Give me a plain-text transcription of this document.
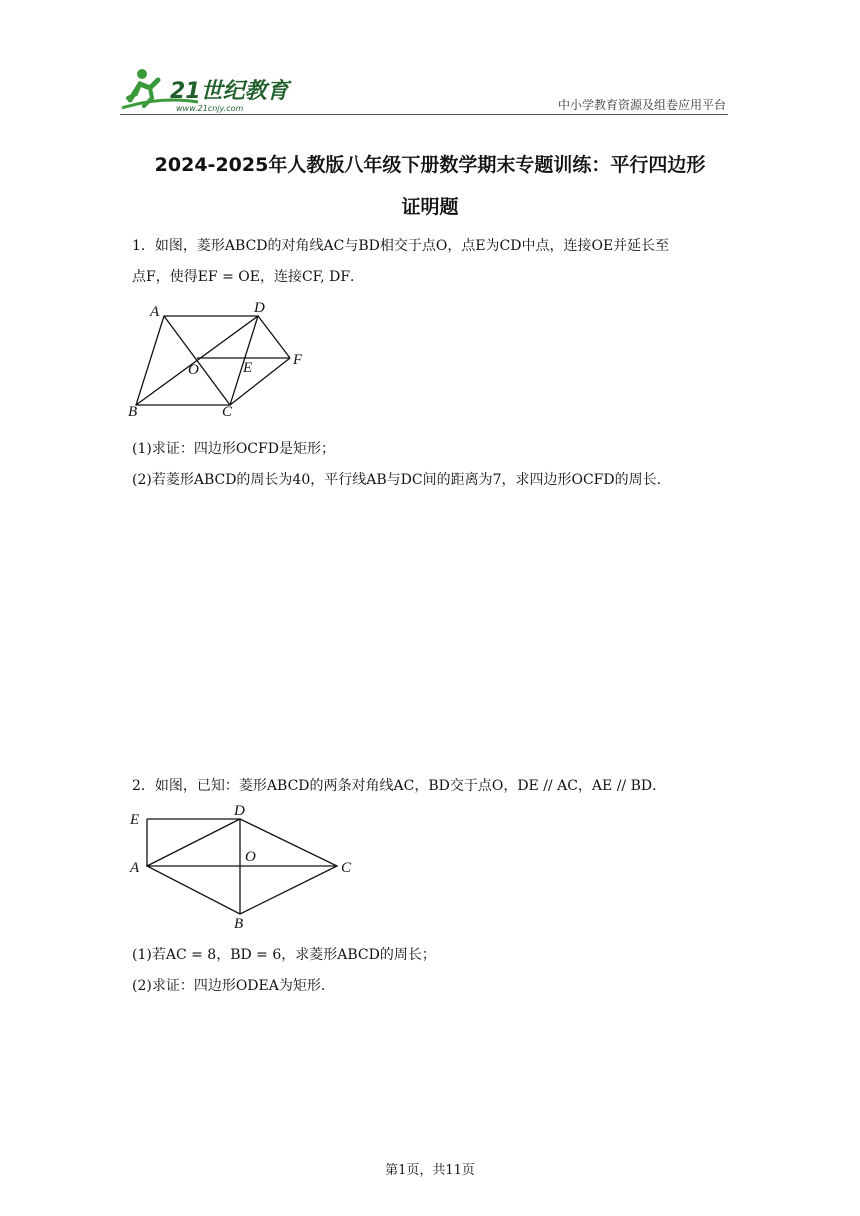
21世纪教育
www.21cnjy.com	中小学教育资源及组卷应用平台
2024-2025年人教版八年级下册数学期末专题训练：平行四边形
证明题
1．如图，菱形ABCD的对角线AC与BD相交于点O，点E为CD中点，连接OE并延长至
点F，使得EF = OE，连接CF, DF．
A	D
F
O	E
B	C
(1)求证：四边形OCFD是矩形；
(2)若菱形ABCD的周长为40，平行线AB与DC间的距离为7，求四边形OCFD的周长.
2．如图，已知：菱形ABCD的两条对角线AC，BD交于点O，DE // AC，AE // BD．
E
D
O
A	C
B
(1)若AC = 8，BD = 6，求菱形ABCD的周长；
(2)求证：四边形ODEA为矩形.
第1页，共11页
